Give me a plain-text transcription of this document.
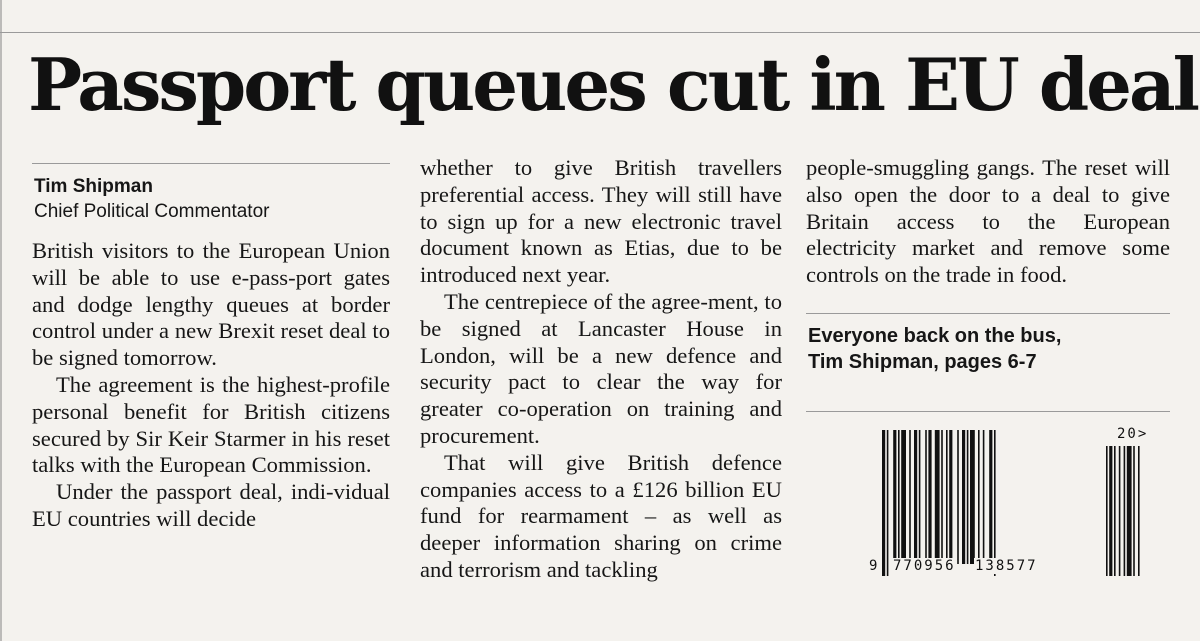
Passport queues cut in EU deal
Tim Shipman
Chief Political Commentator

British visitors to the European Union will be able to use e-pass-port gates and dodge lengthy queues at border control under a new Brexit reset deal to be signed tomorrow.

The agreement is the highest-profile personal benefit for British citizens secured by Sir Keir Starmer in his reset talks with the European Commission.

Under the passport deal, indi-vidual EU countries will decide

whether to give British travellers preferential access. They will still have to sign up for a new electronic travel document known as Etias, due to be introduced next year.

The centrepiece of the agree-ment, to be signed at Lancaster House in London, will be a new defence and security pact to clear the way for greater co-operation on training and procurement.

That will give British defence companies access to a £126 billion EU fund for rearmament – as well as deeper information sharing on crime and terrorism and tackling

people-smuggling gangs. The reset will also open the door to a deal to give Britain access to the European electricity market and remove some controls on the trade in food.

Everyone back on the bus,
Tim Shipman, pages 6-7
9 770956 138577
20>
